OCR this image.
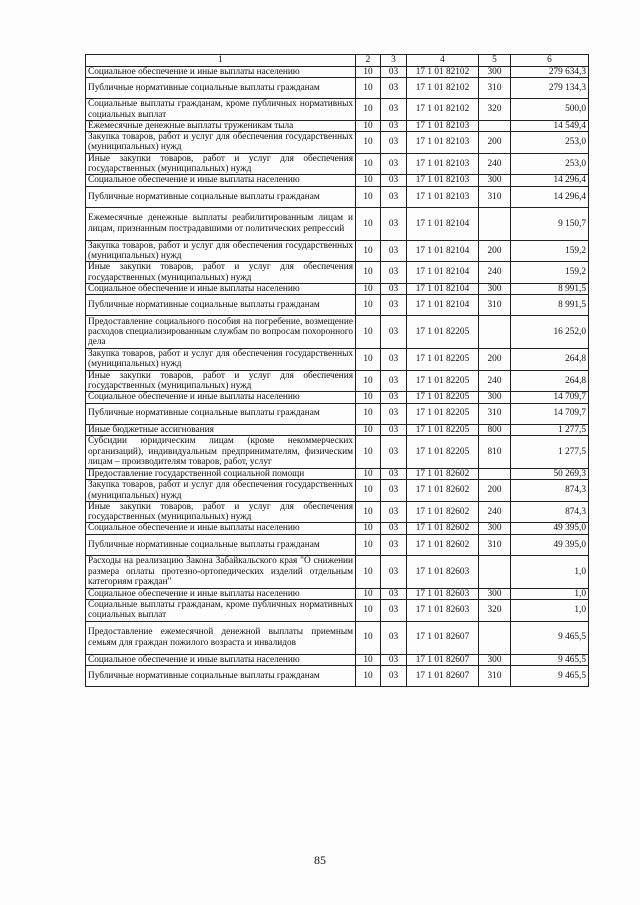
1	2	3	4	5	6
Социальное обеспечение и иные выплаты населению	10	03	17 1 01 82102	300	279 634,3
Публичные нормативные социальные выплаты гражданам	10	03	17 1 01 82102	310	279 134,3
Социальные выплаты гражданам, кроме публичных нормативных социальных выплат	10	03	17 1 01 82102	320	500,0
Ежемесячные денежные выплаты труженикам тыла	10	03	17 1 01 82103		14 549,4
Закупка товаров, работ и услуг для обеспечения государственных (муниципальных) нужд	10	03	17 1 01 82103	200	253,0
Иные закупки товаров, работ и услуг для обеспечения государственных (муниципальных) нужд	10	03	17 1 01 82103	240	253,0
Социальное обеспечение и иные выплаты населению	10	03	17 1 01 82103	300	14 296,4
Публичные нормативные социальные выплаты гражданам	10	03	17 1 01 82103	310	14 296,4
Ежемесячные денежные выплаты реабилитированным лицам и лицам, признанным пострадавшими от политических репрессий	10	03	17 1 01 82104		9 150,7
Закупка товаров, работ и услуг для обеспечения государственных (муниципальных) нужд	10	03	17 1 01 82104	200	159,2
Иные закупки товаров, работ и услуг для обеспечения государственных (муниципальных) нужд	10	03	17 1 01 82104	240	159,2
Социальное обеспечение и иные выплаты населению	10	03	17 1 01 82104	300	8 991,5
Публичные нормативные социальные выплаты гражданам	10	03	17 1 01 82104	310	8 991,5
Предоставление социального пособия на погребение, возмещение расходов специализированным службам по вопросам похоронного дела	10	03	17 1 01 82205		16 252,0
Закупка товаров, работ и услуг для обеспечения государственных (муниципальных) нужд	10	03	17 1 01 82205	200	264,8
Иные закупки товаров, работ и услуг для обеспечения государственных (муниципальных) нужд	10	03	17 1 01 82205	240	264,8
Социальное обеспечение и иные выплаты населению	10	03	17 1 01 82205	300	14 709,7
Публичные нормативные социальные выплаты гражданам	10	03	17 1 01 82205	310	14 709,7
Иные бюджетные ассигнования	10	03	17 1 01 82205	800	1 277,5
Субсидии юридическим лицам (кроме некоммерческих организаций), индивидуальным предпринимателям, физическим лицам – производителям товаров, работ, услуг	10	03	17 1 01 82205	810	1 277,5
Предоставление государственной социальной помощи	10	03	17 1 01 82602		50 269,3
Закупка товаров, работ и услуг для обеспечения государственных (муниципальных) нужд	10	03	17 1 01 82602	200	874,3
Иные закупки товаров, работ и услуг для обеспечения государственных (муниципальных) нужд	10	03	17 1 01 82602	240	874,3
Социальное обеспечение и иные выплаты населению	10	03	17 1 01 82602	300	49 395,0
Публичные нормативные социальные выплаты гражданам	10	03	17 1 01 82602	310	49 395,0
Расходы на реализацию Закона Забайкальского края "О снижении размера оплаты протезно-ортопедических изделий отдельным категориям граждан"	10	03	17 1 01 82603		1,0
Социальное обеспечение и иные выплаты населению	10	03	17 1 01 82603	300	1,0
Социальные выплаты гражданам, кроме публичных нормативных социальных выплат	10	03	17 1 01 82603	320	1,0
Предоставление ежемесячной денежной выплаты приемным семьям для граждан пожилого возраста и инвалидов	10	03	17 1 01 82607		9 465,5
Социальное обеспечение и иные выплаты населению	10	03	17 1 01 82607	300	9 465,5
Публичные нормативные социальные выплаты гражданам	10	03	17 1 01 82607	310	9 465,5
85
